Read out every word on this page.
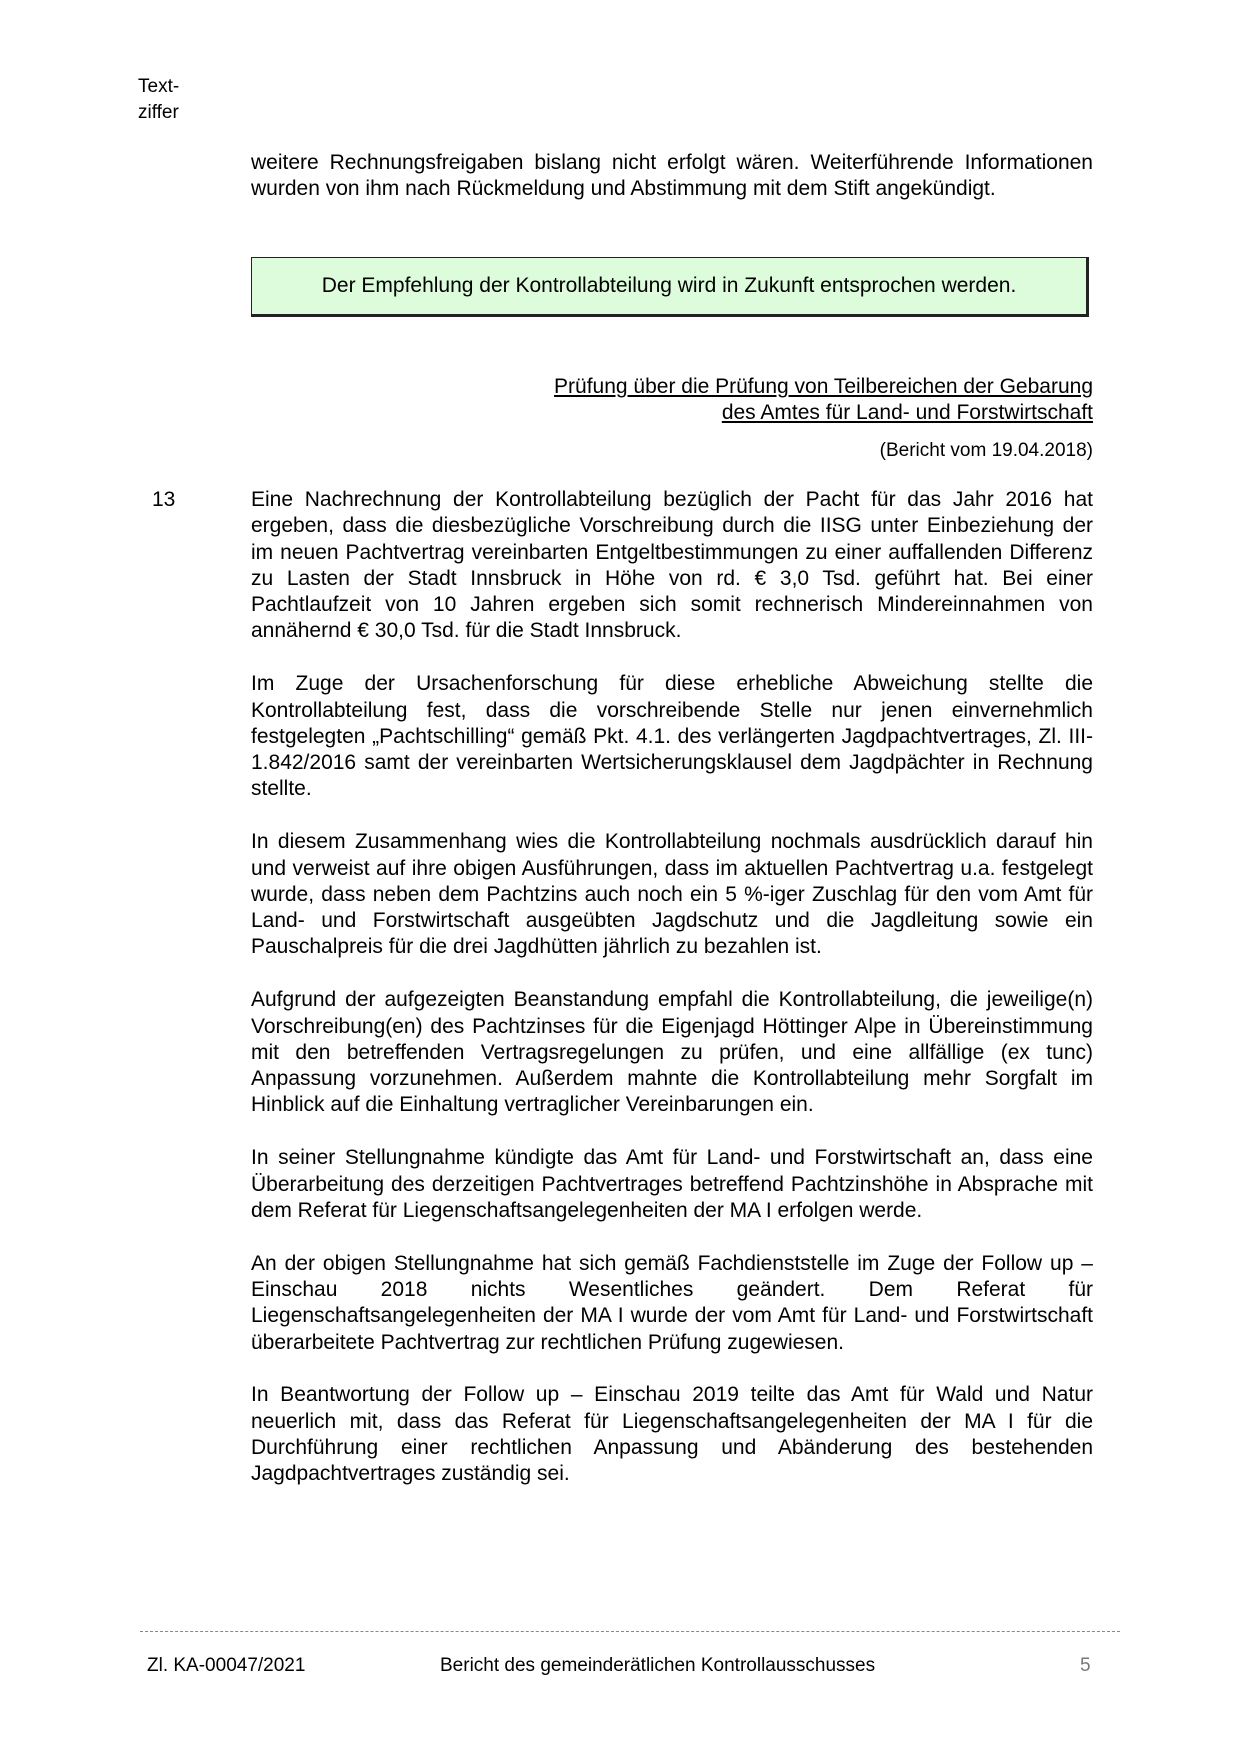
Text-
ziffer
weitere Rechnungsfreigaben bislang nicht erfolgt wären. Weiterführende Informationen wurden von ihm nach Rückmeldung und Abstimmung mit dem Stift angekündigt.
Der Empfehlung der Kontrollabteilung wird in Zukunft entsprochen werden.
Prüfung über die Prüfung von Teilbereichen der Gebarung
des Amtes für Land- und Forstwirtschaft
(Bericht vom 19.04.2018)
13	Eine Nachrechnung der Kontrollabteilung bezüglich der Pacht für das Jahr 2016 hat ergeben, dass die diesbezügliche Vorschreibung durch die IISG unter Einbeziehung der im neuen Pachtvertrag vereinbarten Entgeltbestimmungen zu einer auffallenden Differenz zu Lasten der Stadt Innsbruck in Höhe von rd. € 3,0 Tsd. geführt hat. Bei einer Pachtlaufzeit von 10 Jahren ergeben sich somit rechnerisch Mindereinnahmen von annähernd € 30,0 Tsd. für die Stadt Innsbruck.

Im Zuge der Ursachenforschung für diese erhebliche Abweichung stellte die Kontrollabteilung fest, dass die vorschreibende Stelle nur jenen einvernehmlich festgelegten „Pachtschilling“ gemäß Pkt. 4.1. des verlängerten Jagdpachtvertrages, Zl. III-1.842/2016 samt der vereinbarten Wertsicherungsklausel dem Jagdpächter in Rechnung stellte.

In diesem Zusammenhang wies die Kontrollabteilung nochmals ausdrücklich darauf hin und verweist auf ihre obigen Ausführungen, dass im aktuellen Pachtvertrag u.a. festgelegt wurde, dass neben dem Pachtzins auch noch ein 5 %-iger Zuschlag für den vom Amt für Land- und Forstwirtschaft ausgeübten Jagdschutz und die Jagdleitung sowie ein Pauschalpreis für die drei Jagdhütten jährlich zu bezahlen ist.

Aufgrund der aufgezeigten Beanstandung empfahl die Kontrollabteilung, die jeweilige(n) Vorschreibung(en) des Pachtzinses für die Eigenjagd Höttinger Alpe in Übereinstimmung mit den betreffenden Vertragsregelungen zu prüfen, und eine allfällige (ex tunc) Anpassung vorzunehmen. Außerdem mahnte die Kontrollabteilung mehr Sorgfalt im Hinblick auf die Einhaltung vertraglicher Vereinbarungen ein.

In seiner Stellungnahme kündigte das Amt für Land- und Forstwirtschaft an, dass eine Überarbeitung des derzeitigen Pachtvertrages betreffend Pachtzinshöhe in Absprache mit dem Referat für Liegenschaftsangelegenheiten der MA I erfolgen werde.

An der obigen Stellungnahme hat sich gemäß Fachdienststelle im Zuge der Follow up – Einschau 2018 nichts Wesentliches geändert. Dem Referat für Liegenschaftsangelegenheiten der MA I wurde der vom Amt für Land- und Forstwirtschaft überarbeitete Pachtvertrag zur rechtlichen Prüfung zugewiesen.

In Beantwortung der Follow up – Einschau 2019 teilte das Amt für Wald und Natur neuerlich mit, dass das Referat für Liegenschaftsangelegenheiten der MA I für die Durchführung einer rechtlichen Anpassung und Abänderung des bestehenden Jagdpachtvertrages zuständig sei.

Zl. KA-00047/2021	Bericht des gemeinderätlichen Kontrollausschusses	5
